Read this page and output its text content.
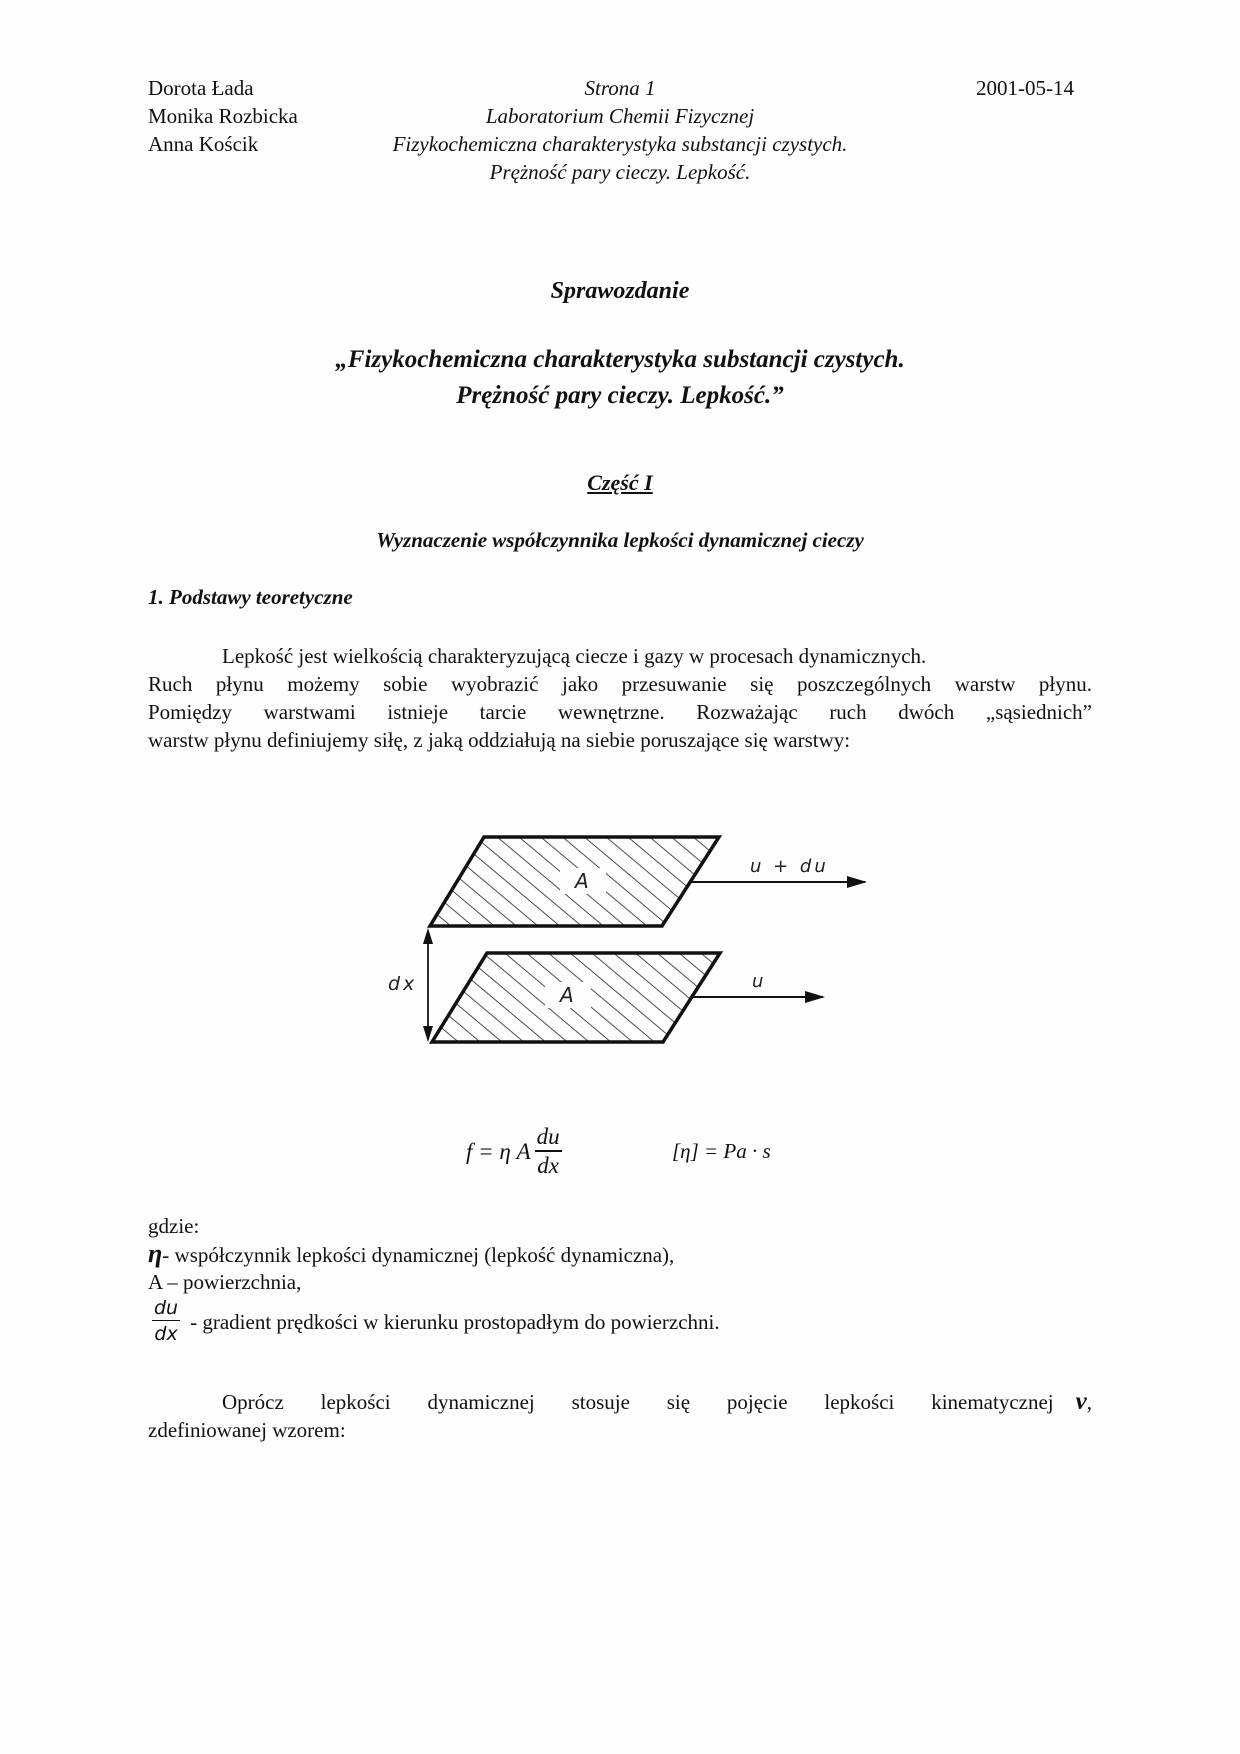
Dorota Łada
Monika Rozbicka
Anna Kościk
Strona 1
Laboratorium Chemii Fizycznej
Fizykochemiczna charakterystyka substancji czystych.
Prężność pary cieczy. Lepkość.
2001-05-14
Sprawozdanie
„Fizykochemiczna charakterystyka substancji czystych.
Prężność pary cieczy. Lepkość.”
Część I
Wyznaczenie współczynnika lepkości dynamicznej cieczy
1. Podstawy teoretyczne
Lepkość jest wielkością charakteryzującą ciecze i gazy w procesach dynamicznych.
Ruch płynu możemy sobie wyobrazić jako przesuwanie się poszczególnych warstw płynu.
Pomiędzy warstwami istnieje tarcie wewnętrzne. Rozważając ruch dwóch „sąsiednich”
warstw płynu definiujemy siłę, z jaką oddziałują na siebie poruszające się warstwy:
A
A
u + du
u
dx
f = η A $\frac{du}{dx}$	[η] = Pa · s
gdzie:
η- współczynnik lepkości dynamicznej (lepkość dynamiczna),
A – powierzchnia,
$\frac{du}{dx}$ - gradient prędkości w kierunku prostopadłym do powierzchni.
Oprócz lepkości dynamicznej stosuje się pojęcie lepkości kinematycznej ν,
zdefiniowanej wzorem:
